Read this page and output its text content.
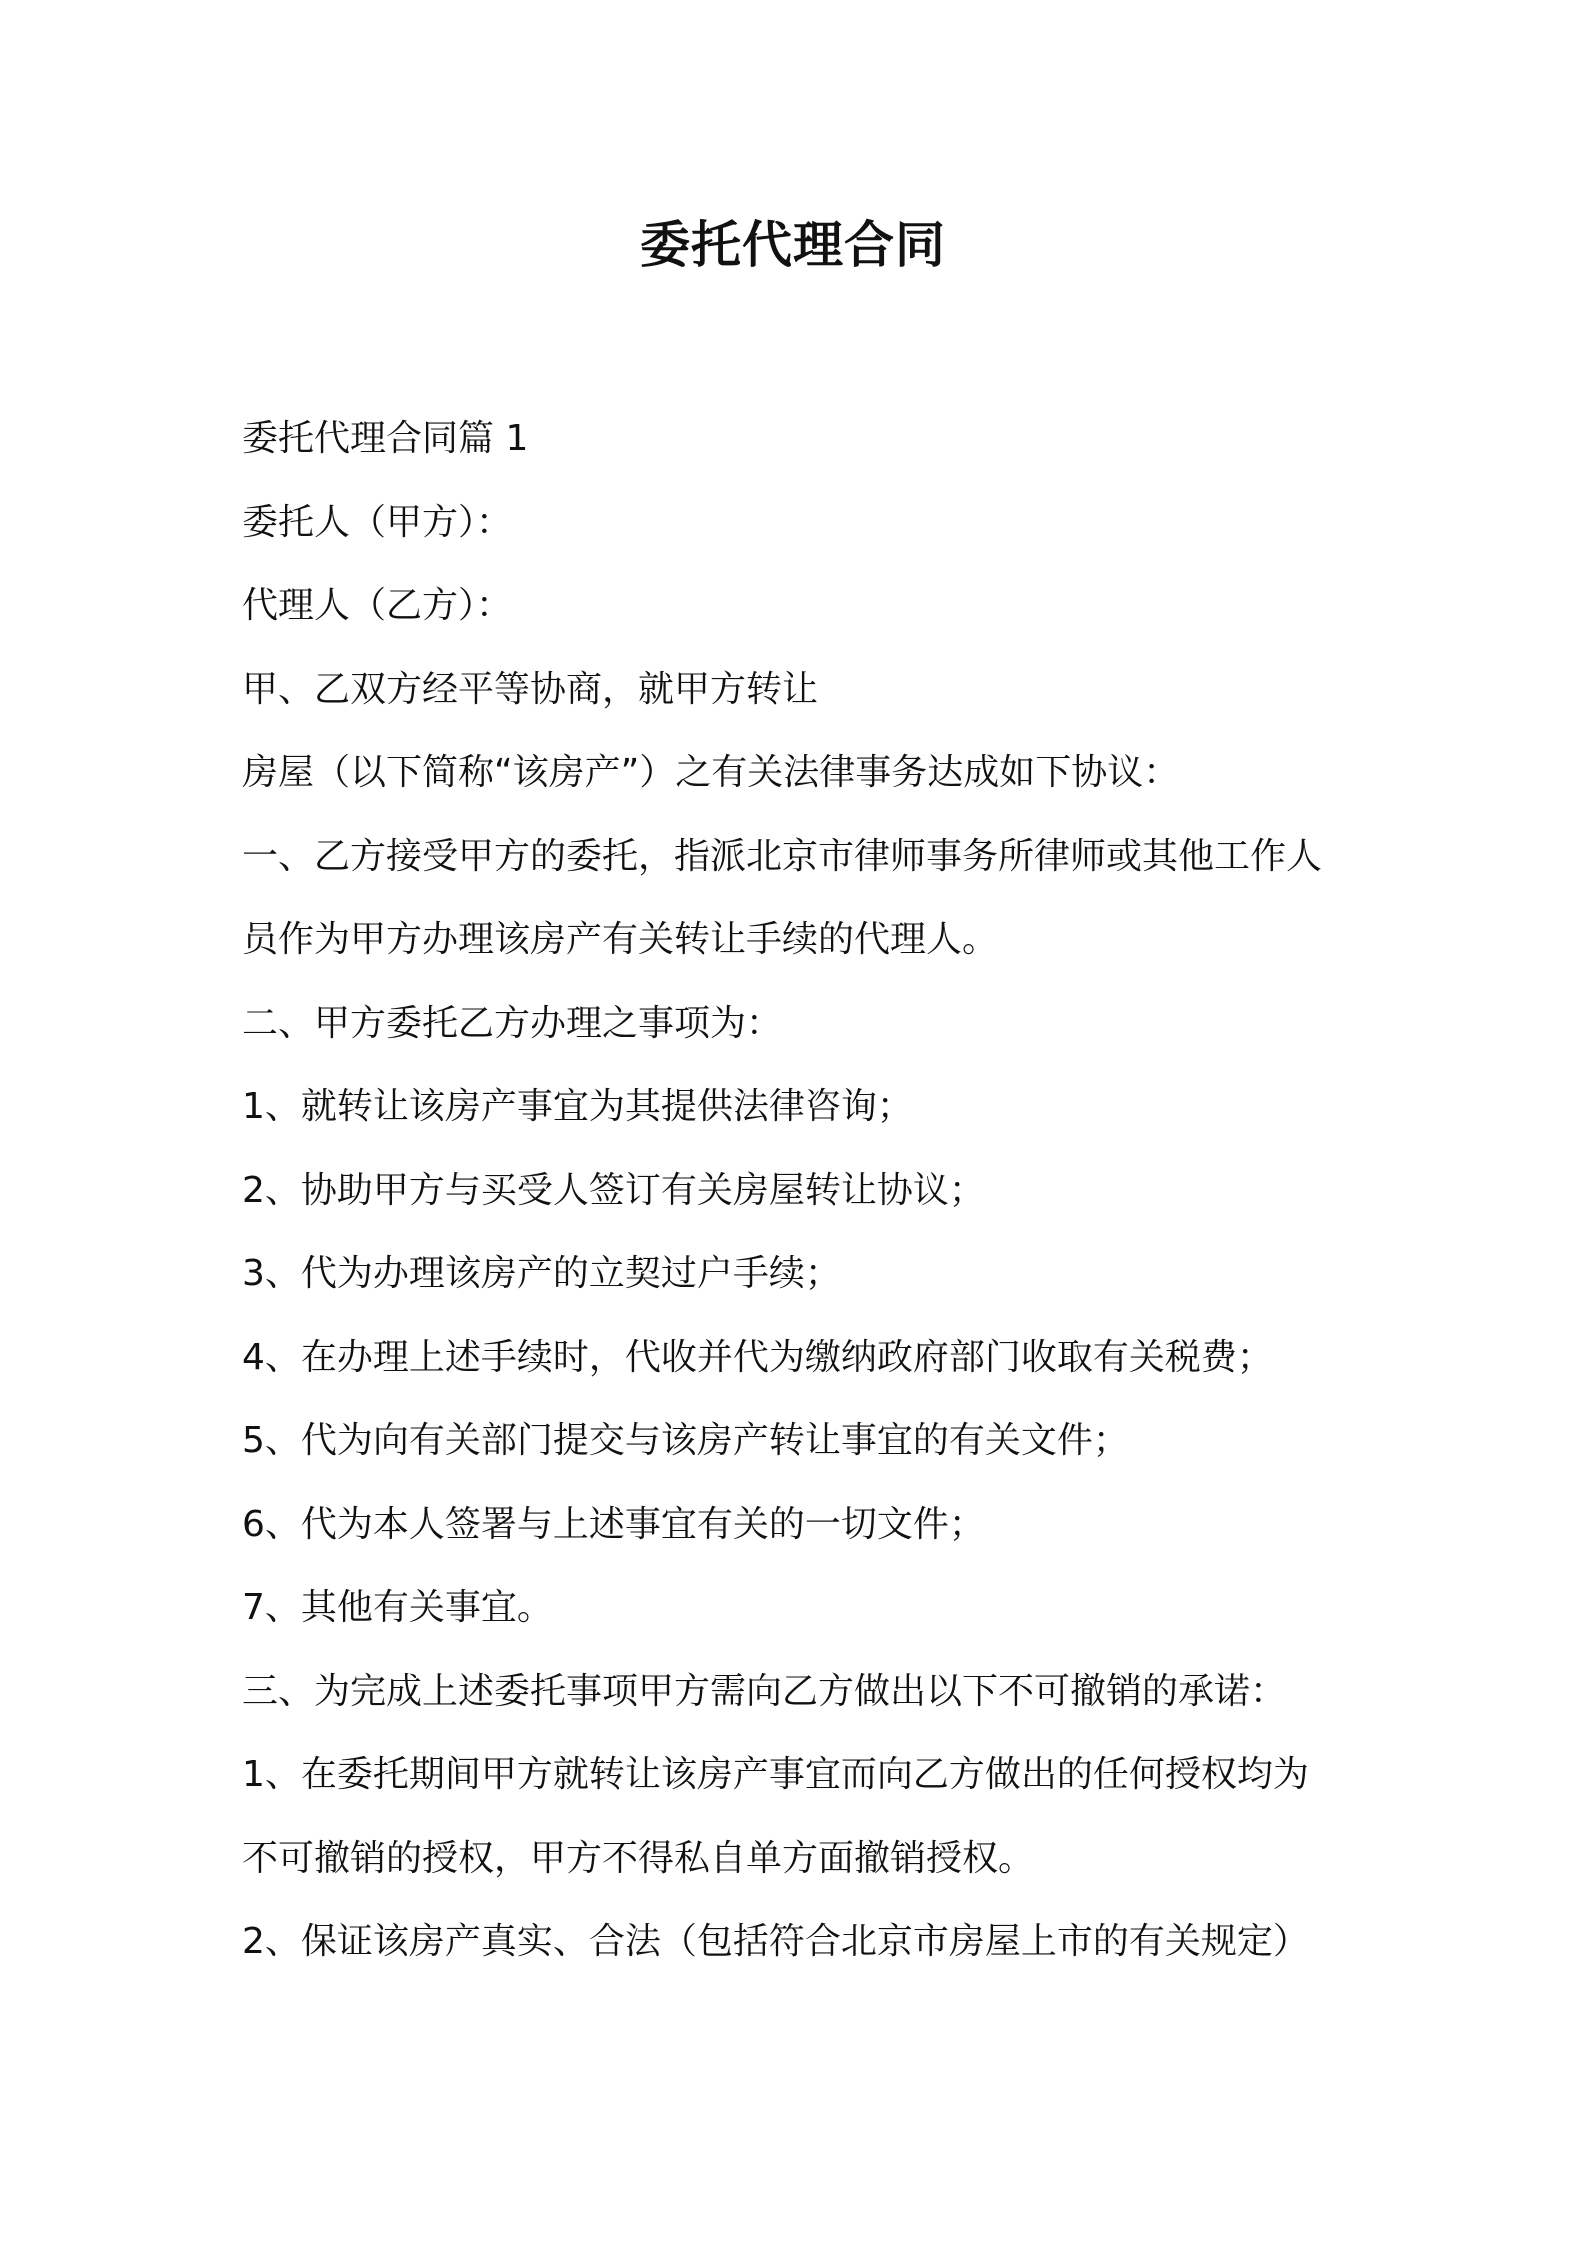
委托代理合同
委托代理合同篇 1
委托人（甲方）：
代理人（乙方）：
甲、乙双方经平等协商，就甲方转让
房屋（以下简称“该房产”）之有关法律事务达成如下协议：
一、乙方接受甲方的委托，指派北京市律师事务所律师或其他工作人
员作为甲方办理该房产有关转让手续的代理人。
二、甲方委托乙方办理之事项为：
1、就转让该房产事宜为其提供法律咨询；
2、协助甲方与买受人签订有关房屋转让协议；
3、代为办理该房产的立契过户手续；
4、在办理上述手续时，代收并代为缴纳政府部门收取有关税费；
5、代为向有关部门提交与该房产转让事宜的有关文件；
6、代为本人签署与上述事宜有关的一切文件；
7、其他有关事宜。
三、为完成上述委托事项甲方需向乙方做出以下不可撤销的承诺：
1、在委托期间甲方就转让该房产事宜而向乙方做出的任何授权均为
不可撤销的授权，甲方不得私自单方面撤销授权。
2、保证该房产真实、合法（包括符合北京市房屋上市的有关规定）
